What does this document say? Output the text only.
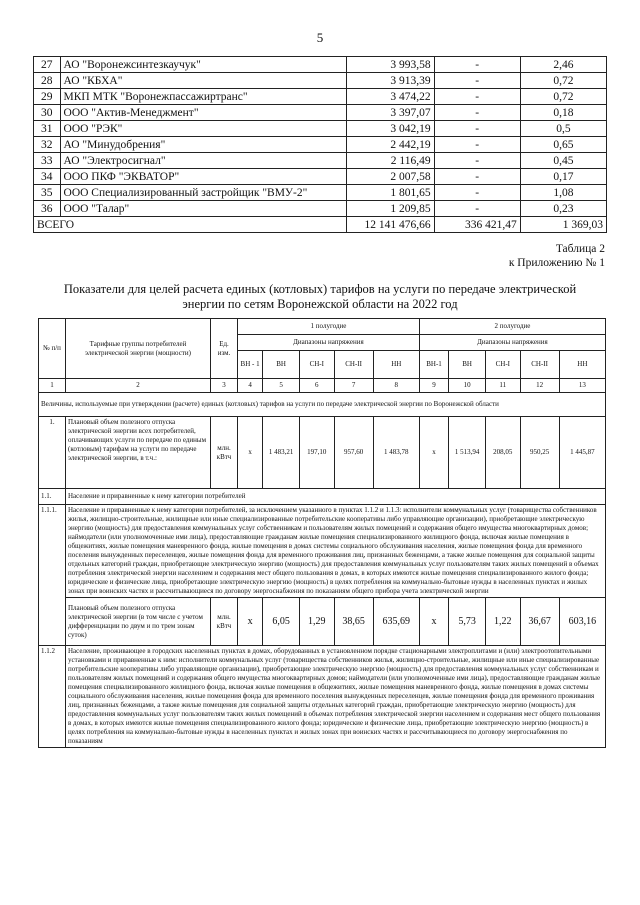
5
27	АО "Воронежсинтезкаучук"	3 993,58	-	2,46
28	АО "КБХА"	3 913,39	-	0,72
29	МКП МТК "Воронежпассажиртранс"	3 474,22	-	0,72
30	ООО "Актив-Менеджмент"	3 397,07	-	0,18
31	ООО "РЭК"	3 042,19	-	0,5
32	АО "Минудобрения"	2 442,19	-	0,65
33	АО "Электросигнал"	2 116,49	-	0,45
34	ООО ПКФ "ЭКВАТОР"	2 007,58	-	0,17
35	ООО Специализированный застройщик "ВМУ-2"	1 801,65	-	1,08
36	ООО "Талар"	1 209,85	-	0,23
ВСЕГО		12 141 476,66	336 421,47	1 369,03
Таблица 2
к Приложению № 1
Показатели для целей расчета единых (котловых) тарифов на услуги по передаче электрической энергии по сетям Воронежской области на 2022 год
№ п/п	Тарифные группы потребителей электрической энергии (мощности)	Ед. изм.	1 полугодие					2 полугодие				
			Диапазоны напряжения					Диапазоны напряжения				
			ВН - 1	ВН	СН-I	СН-II	НН	ВН-1	ВН	СН-I	СН-II	НН
1	2	3	4	5	6	7	8	9	10	11	12	13
Величины, используемые при утверждении (расчете) единых (котловых) тарифов на услуги по передаче электрической энергии по Воронежской области												
1.	Плановый объем полезного отпуска электрической энергии всех потребителей, оплачивающих услуги по передаче по единым (котловым) тарифам на услуги по передаче электрической энергии, в т.ч.:	млн. кВтч	x	1 483,21	197,10	957,60	1 483,78	x	1 513,94	208,05	950,25	1 445,87
1.1.	Население и приравненные к нему категории потребителей											
1.1.1.	Население и приравненные к нему категории потребителей, за исключением указанного в пунктах 1.1.2 и 1.1.3: исполнители коммунальных услуг (товарищества собственников жилья, жилищно-строительные, жилищные или иные специализированные потребительские кооперативы либо управляющие организации), приобретающие электрическую энергию (мощность) для предоставления коммунальных услуг собственникам и пользователям жилых помещений и содержания общего имущества многоквартирных домов; наймодатели (или уполномоченные ими лица), предоставляющие гражданам жилые помещения специализированного жилищного фонда, включая жилые помещения в общежитиях, жилые помещения маневренного фонда, жилые помещения в домах системы социального обслуживания населения, жилые помещения фонда для временного поселения вынужденных переселенцев, жилые помещения фонда для временного проживания лиц, признанных беженцами, а также жилые помещения для социальной защиты отдельных категорий граждан, приобретающие электрическую энергию (мощность) для предоставления коммунальных услуг пользователям таких жилых помещений в объемах потребления электрической энергии населением и содержания мест общего пользования в домах, в которых имеются жилые помещения специализированного жилого фонда; юридические и физические лица, приобретающие электрическую энергию (мощность) в целях потребления на коммунально-бытовые нужды в населенных пунктах и жилых зонах при воинских частях и рассчитывающиеся по договору энергоснабжения по показаниям общего прибора учета электрической энергии											
	Плановый объем полезного отпуска электрической энергии (в том числе с учетом дифференциации по двум и по трем зонам суток)	млн. кВтч	x	6,05	1,29	38,65	635,69	x	5,73	1,22	36,67	603,16
1.1.2	Население, проживающее в городских населенных пунктах в домах, оборудованных в установленном порядке стационарными электроплитами и (или) электроотопительными установками и приравненные к ним: исполнители коммунальных услуг (товарищества собственников жилья, жилищно-строительные, жилищные или иные специализированные потребительские кооперативы либо управляющие организации), приобретающие электрическую энергию (мощность) для предоставления коммунальных услуг собственникам и пользователям жилых помещений и содержания общего имущества многоквартирных домов; наймодатели (или уполномоченные ими лица), предоставляющие гражданам жилые помещения специализированного жилищного фонда, включая жилые помещения в общежитиях, жилые помещения маневренного фонда, жилые помещения в домах системы социального обслуживания населения, жилые помещения фонда для временного поселения вынужденных переселенцев, жилые помещения фонда для временного проживания лиц, признанных беженцами, а также жилые помещения для социальной защиты отдельных категорий граждан, приобретающие электрическую энергию (мощность) для предоставления коммунальных услуг пользователям таких жилых помещений в объемах потребления электрической энергии населением и содержания мест общего пользования в домах, в которых имеются жилые помещения специализированного жилого фонда; юридические и физические лица, приобретающие электрическую энергию (мощность) в целях потребления на коммунально-бытовые нужды в населенных пунктах и жилых зонах при воинских частях и рассчитывающиеся по договору энергоснабжения по показаниям											
